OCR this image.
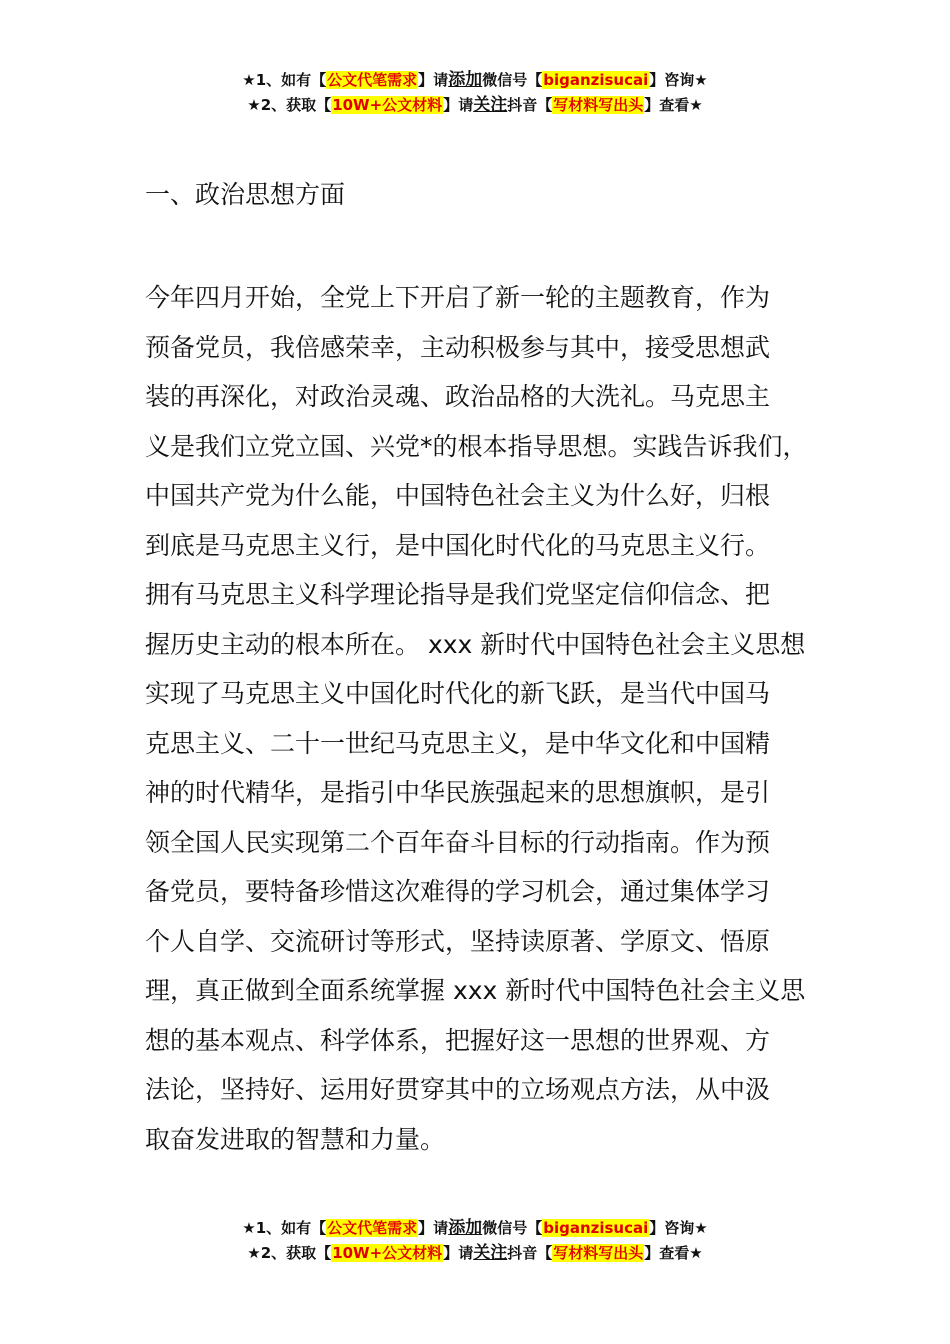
★1、如有【公文代笔需求】请添加微信号【biganzisucai】咨询★
★2、获取【10W+公文材料】请关注抖音【写材料写出头】查看★
一、政治思想方面
今年四月开始，全党上下开启了新一轮的主题教育，作为
预备党员，我倍感荣幸，主动积极参与其中，接受思想武
装的再深化，对政治灵魂、政治品格的大洗礼。马克思主
义是我们立党立国、兴党*的根本指导思想。实践告诉我们，
中国共产党为什么能，中国特色社会主义为什么好，归根
到底是马克思主义行，是中国化时代化的马克思主义行。
拥有马克思主义科学理论指导是我们党坚定信仰信念、把
握历史主动的根本所在。 xxx 新时代中国特色社会主义思想
实现了马克思主义中国化时代化的新飞跃，是当代中国马
克思主义、二十一世纪马克思主义，是中华文化和中国精
神的时代精华，是指引中华民族强起来的思想旗帜，是引
领全国人民实现第二个百年奋斗目标的行动指南。作为预
备党员，要特备珍惜这次难得的学习机会，通过集体学习
个人自学、交流研讨等形式，坚持读原著、学原文、悟原
理，真正做到全面系统掌握 xxx 新时代中国特色社会主义思
想的基本观点、科学体系，把握好这一思想的世界观、方
法论，坚持好、运用好贯穿其中的立场观点方法，从中汲
取奋发进取的智慧和力量。
★1、如有【公文代笔需求】请添加微信号【biganzisucai】咨询★
★2、获取【10W+公文材料】请关注抖音【写材料写出头】查看★
